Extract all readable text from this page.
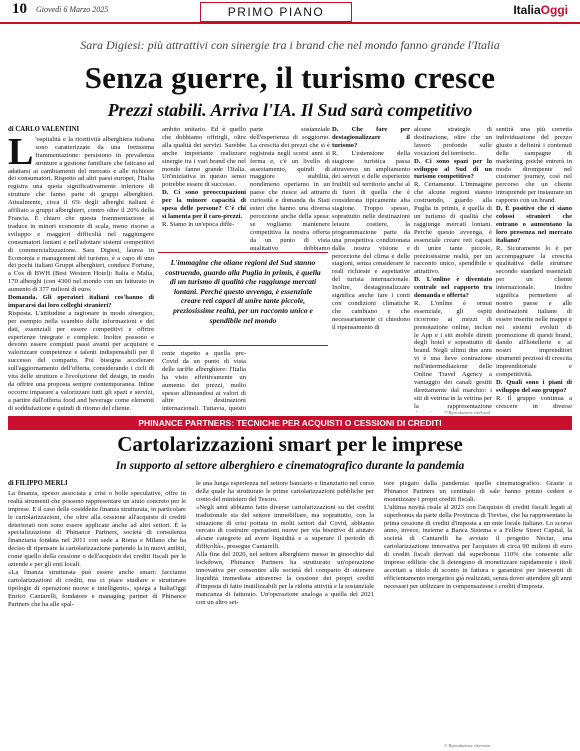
10 Giovedì 6 Marzo 2025	PRIMO PIANO	ItaliaOggi
Sara Digiesi: più attrattivi con sinergie tra i brand che nel mondo fanno grande l'Italia
Senza guerre, il turismo cresce
Prezzi stabili. Arriva l'IA. Il Sud sarà competitivo

di CARLO VALENTINI

L 'ospitalità e la ricettività alberghiera italiana sono caratterizzate da una fortissima frammentazione: persistono in prevalenza strutture a gestione familiare che faticano ad adattarsi ai cambiamenti del mercato e alle richieste dei consumatori. Rispetto ad altri paesi europei, l'Italia registra una quota significativamente inferiore di strutture che fanno parte di gruppi alberghieri. Attualmente, circa il 6% degli alberghi italiani è affiliato a gruppi alberghieri, contro oltre il 20% della Francia. È chiaro che questa frammentazione si traduce in minori economie di scala, meno risorse a sviluppo e maggiori difficoltà nel raggiungere consumatori lontani e nell'adottare sistemi competitivi di commercializzazione. Sara Digiesi, laurea in Economia e management del turismo, è a capo di uno dei pochi italiani Gruppi alberghieri, conduce Fortune, a Cos di BWH (Best Western Hotel): Italia e Malta, 170 alberghi (con 4300 nel mondo con un fatturato in aumento di 377 milioni di euro.

Domanda. Gli operatori italiani cos'hanno di impararsi dai loro colleghi stranieri?

Risposta. L'attitudine a ragionare in modo sinergico, per esempio nella scambio delle informazioni e dei dati, essenziali per essere competitivi e offrire esperienze integrate e complete. Inoltre possono e devono essere compiuti passi avanti per acquisire e valorizzare competenze e talenti indispensabili per il successo del comparto. Poi bisogna accelerare sull'aggiornamento dell'offerta, considerando i cicli di vita delle strutture e l'evoluzione del design, in modo da offrire una proposta sempre contemporanea. Infine occorre imparare a valorizzare tutti gli spazi e servizi, a partire dall'offerta food and beverage come elementi di soddisfazione e quindi di ritorno del cliente.

ambito unitario. Ed è quello che dobbiamo offrirgli, oltre alla qualità dei servizi. Sarebbe anche importante realizzare sinergie tra i vari brand che nel mondo fanno grande l'Italia. Un'iniziativa in questo senso potrebbe essere di successo.

D. Ci sono preoccupazioni per la minore capacità di spesa delle persone? C'è chi sì lamenta per il caro-prezzi.

R. Siamo in un'epoca diffe-

L'immagine che oliane regioni del Sud stanno costruendo, guardo alla Puglia in primis, è quella di un turismo di qualità che raggiunge mercati lontani. Perché questo avvenga, è essenziale creare reti capaci di unire tante piccole, preziosissime realtà, per un racconto unico e spendibile nel mondo

rente rispetto a quella pre-Covid da un punto di vista delle tariffe alberghiere: l'Italia ha visto effettivamente un aumento dei prezzi, molto spesso allineandosi ai valori di altre destinazioni internazionali. Tuttavia, questo

parte sostanziale dell'esperienza di soggiorno. La crescita dei prezzi che si è registrata negli scorsi anni si ferma e, c'è un livello di assestamento, quindi di maggiore stabilità, nondimeno operiamo in un paese che riesce ad attrarre curiosità e domanda da Stati esteri che hanno una diversa percezione anche della spesa: se vogliamo mantenere competitiva la nostra offerta da un punto di vista qualitativo dobbiamo

D. Che fare per destagionalizzare il turismo?

R. L'estensione della stagione turistica passa attraverso un ampliamento dei servizi e delle esperienze fruibili sul territorio anche al di fuori di quella che è considerata tipicamente alta stagione. Troppo spesso, soprattutto nelle destinazioni leisure costiere, la programmazione parte da una prospettiva condizionata dalla nostra visione e percezione del clima e delle stagioni, senza considerare le reali richieste e aspettative del turista internazionale. Inoltre, destagionalizzare significa anche fare i conti con condizioni climatiche che cambiano e che necessariamente ci chiedono il ripensamento di

alcune strategie di destinazione, oltre che un lavoro profondo sulle vocazioni del territorio.

D. Ci sono spazi per lo sviluppo al Sud di un turismo competitivo?

R. Certamente. L'immagine che alcune regioni stanno costruendo, guardo alla Puglia in primis, è quella di un turismo di qualità che raggiunge mercati lontani. Perché questo avvenga, è essenziale creare reti capaci di unire tante piccole, preziosissime realtà, per un racconto unico, spendibile e attrattivo.

D. L'online è diventato centrale nel rapporto tra domanda e offerta?

R. L'online è ormai essenziale, gli ospiti ricorrono ai mezzi di prenotazione online, inclusi le App e i siti mobile diretti degli hotel e soprattutto di brand. Negli ultimi due anni vi è una lieve contrazione nell'intermediazione delle Online Travel Agency a vantaggio dei canali gestiti direttamente dal marchio: i siti di vetrina in la vetrina per la rappresentazione

sentirà una più corretta individuazione del prezzo giusto e definirà i contenuti delle campagne di marketing poiché entrerà in modo dirompente nel customer journey, così nel percorso che un cliente intraprende per instaurare un rapporto con un brand.

D. È positivo che ci siano colossi stranieri che entrano o aumentano la loro presenza nel mercato italiano?

R. Sicuramente lo è per accompagnare la crescita qualitativa delle strutture secondo standard essenziali per un cliente internazionale. Inoltre significa permettere al nostro paese e alle destinazioni italiane di essere inserite nelle mappe e nei sistemi evoluti di promozione di questi brand, dando all'hotellerie e ai nostri imprenditori strumenti preziosi di crescita imprenditoriale e competitività.

D. Quali sono i piani di sviluppo del suo gruppo?

R. Il gruppo continua a crescere in diverse

© Riproduzione riservata
PHINANCE PARTNERS: TECNICHE PER ACQUISTI O CESSIONI DI CREDITI
Cartolarizzazioni smart per le imprese
In supporto al settore alberghiero e cinematografico durante la pandemia

di FILIPPO MERLI

La finanza, spesso associata a crisi o bolle speculative, offre in realtà strumenti che possono rappresentare un aiuto concreto per le imprese. E il caso delle cosiddette finanza strutturata, in particolare le cartolarizzazioni, che oltre alla cessione all'acquisto di crediti deteriorati non sono essere applicate anche ad altri settori. È la specializzazione di Phinance Partners, società di consulenza finanziaria fondata nel 2011 con sede a Roma e Milano che ha deciso di ripensare la cartolarizzazione partendo la in nuovi ambiti, come quello della cessione o dell'acquisto dei crediti fiscali per le aziende e per gli enti locali.

«La finanza strutturata può essere anche smart: facciamo cartolarizzazioni di crediti, ma ci piace studiare e strutturare tipologie di operazioni nuove e intelligenti», spiega a ItaliaOggi Enrico Cantarelli, fondatore e managing partner di Phinance Partners che ha alle spal-

le una lunga esperienza nel settore bancario e finanziario nel corso della quale ha strutturato le prime cartolarizzazioni pubbliche per conto del ministero del Tesoro.

«Negli anni abbiamo fatto diverse cartolarizzazioni su dei crediti tradizionale sia del settore immobiliare, ma soprattutto, con la situazione di crisi portata in molti settori dal Covid, abbiamo cercato di costruire operazioni nuove per via bisettivo di aiutare alcune categorie ad avere liquidità e a superare il periodo di difficoltà», prosegue Cantarelli.

Alla fine del 2020, nel settore alberghiero messo in ginocchio dal lockdown, Phinance Partners ha strutturato un'operazione innovativa per consentire alle società del comparto di ottenere liquidità immediata attraverso la cessione dei propri crediti d'imposta di fatto inutilizzabili per la ridotta attività e la sostanziale mancanza di fatturato. Un'operazione analoga a quella del 2021 con un altro set-

tore piegato dalla pandemia: quello cinematografico. Grazie a Phinance Partners un centinaio di sale hanno potuto cedere e monetizzare i propri crediti fiscali.

L'ultima novità risale al 2023 con l'acquisto di crediti fiscali legati al superbonus da parte della Provincia di Treviso, che ha rappresentato la prima cessione di crediti d'imposta a un ente locale italiano. Lo scorso anno, invece, insieme a Banca Sistema e a Fellow Street Capital, la società di Cantarelli ha avviato il progetto Nectar, una cartolarizzazione innovativa per l'acquisto di circa 90 milioni di euro di crediti fiscali derivati dal superbonus 110% che consente alle imprese edilizie che li detengono di monetizzare rapidamente i titoli accettati a titolo di sconto in fattura e garantirsi per interventi di efficientamento energetico già realizzati, senza dover attendere gli anni necessari per utilizzare in compensazione i crediti d'imposta.

© Riproduzione riservata
